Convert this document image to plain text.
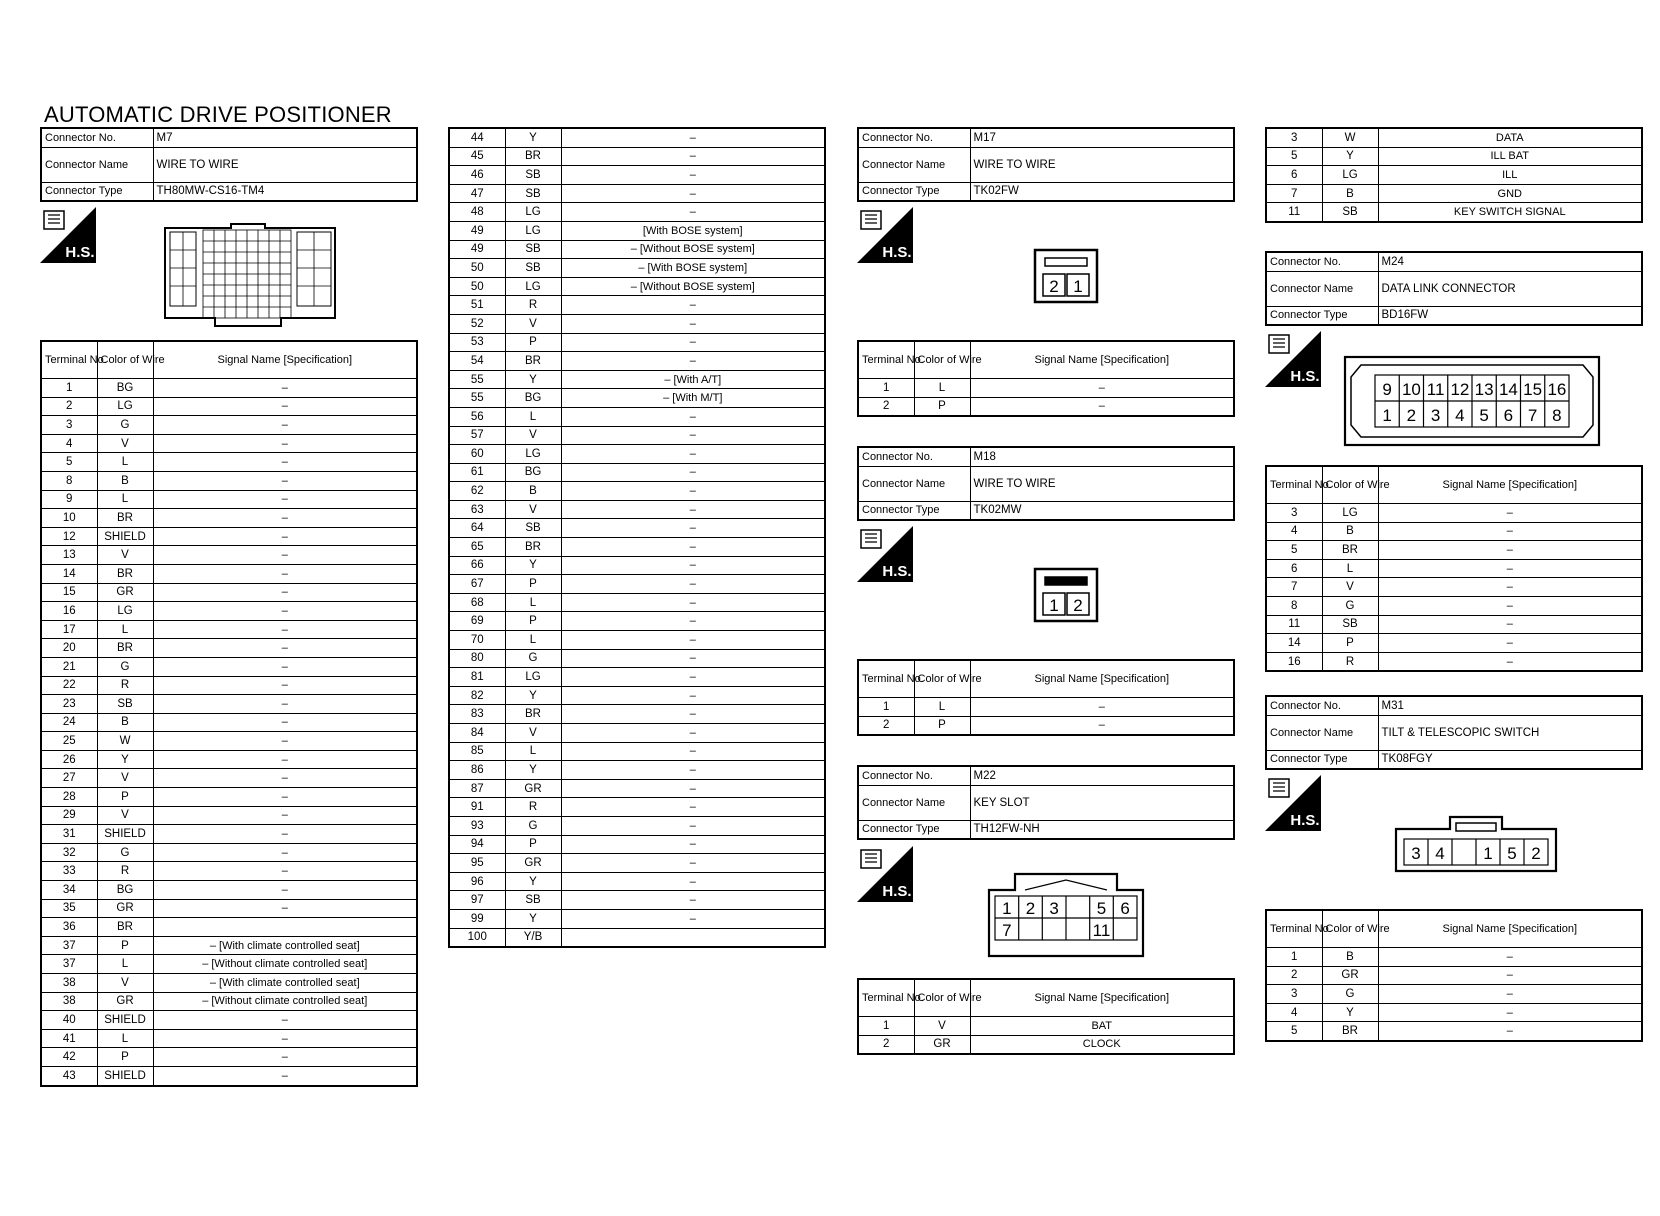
AUTOMATIC DRIVE POSITIONER
Connector No.	M7
Connector Name	WIRE TO WIRE
Connector Type	TH80MW-CS16-TM4
H.S.
Terminal No.	Color of Wire	Signal Name [Specification]
1	BG	–
2	LG	–
3	G	–
4	V	–
5	L	–
8	B	–
9	L	–
10	BR	–
12	SHIELD	–
13	V	–
14	BR	–
15	GR	–
16	LG	–
17	L	–
20	BR	–
21	G	–
22	R	–
23	SB	–
24	B	–
25	W	–
26	Y	–
27	V	–
28	P	–
29	V	–
31	SHIELD	–
32	G	–
33	R	–
34	BG	–
35	GR	–
36	BR	
37	P	– [With climate controlled seat]
37	L	– [Without climate controlled seat]
38	V	– [With climate controlled seat]
38	GR	– [Without climate controlled seat]
40	SHIELD	–
41	L	–
42	P	–
43	SHIELD	–
44	Y	–
45	BR	–
46	SB	–
47	SB	–
48	LG	–
49	LG	[With BOSE system]
49	SB	– [Without BOSE system]
50	SB	– [With BOSE system]
50	LG	– [Without BOSE system]
51	R	–
52	V	–
53	P	–
54	BR	–
55	Y	– [With A/T]
55	BG	– [With M/T]
56	L	–
57	V	–
60	LG	–
61	BG	–
62	B	–
63	V	–
64	SB	–
65	BR	–
66	Y	–
67	P	–
68	L	–
69	P	–
70	L	–
80	G	–
81	LG	–
82	Y	–
83	BR	–
84	V	–
85	L	–
86	Y	–
87	GR	–
91	R	–
93	G	–
94	P	–
95	GR	–
96	Y	–
97	SB	–
99	Y	–
100	Y/B	
Connector No.	M17
Connector Name	WIRE TO WIRE
Connector Type	TK02FW
H.S.
2 1
Terminal No.	Color of Wire	Signal Name [Specification]
1	L	–
2	P	–
Connector No.	M18
Connector Name	WIRE TO WIRE
Connector Type	TK02MW
H.S.
1 2
Terminal No.	Color of Wire	Signal Name [Specification]
1	L	–
2	P	–
Connector No.	M22
Connector Name	KEY SLOT
Connector Type	TH12FW-NH
H.S.
1 2 3 5 6
7	11
Terminal No.	Color of Wire	Signal Name [Specification]
1	V	BAT
2	GR	CLOCK
3	W	DATA
5	Y	ILL BAT
6	LG	ILL
7	B	GND
11	SB	KEY SWITCH SIGNAL
Connector No.	M24
Connector Name	DATA LINK CONNECTOR
Connector Type	BD16FW
H.S.
9 10 11 12 13 14 15 16
1 2 3 4 5 6 7 8
Terminal No.	Color of Wire	Signal Name [Specification]
3	LG	–
4	B	–
5	BR	–
6	L	–
7	V	–
8	G	–
11	SB	–
14	P	–
16	R	–
Connector No.	M31
Connector Name	TILT & TELESCOPIC SWITCH
Connector Type	TK08FGY
H.S.
3 4 1 5 2
Terminal No.	Color of Wire	Signal Name [Specification]
1	B	–
2	GR	–
3	G	–
4	Y	–
5	BR	–
